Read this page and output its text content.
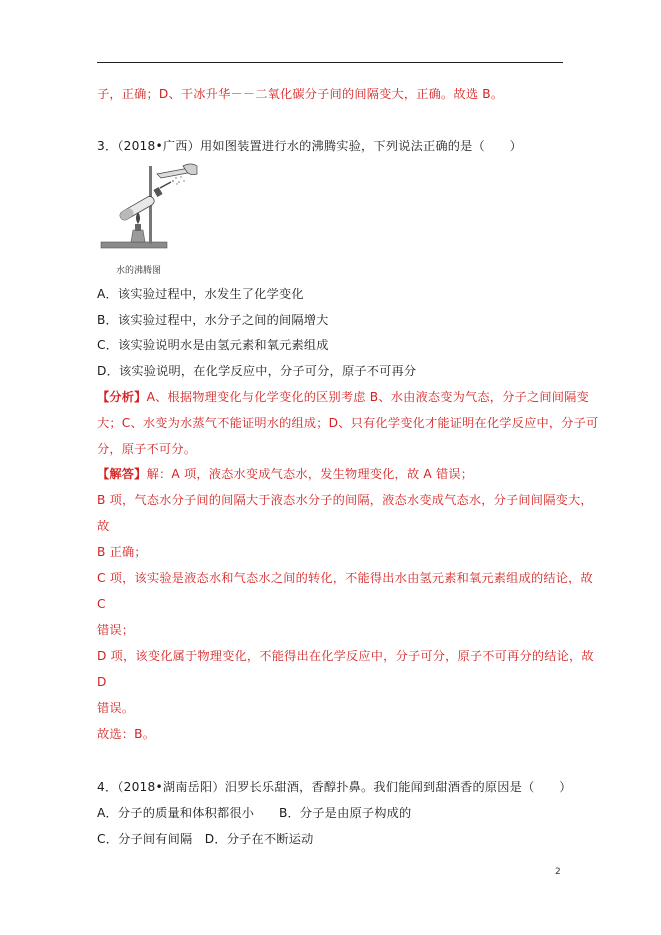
子，正确；D、干冰升华－－二氧化碳分子间的间隔变大，正确。故选 B。
3．（2018•广西）用如图装置进行水的沸腾实验，下列说法正确的是（　　）
水的沸腾图
A．该实验过程中，水发生了化学变化
B．该实验过程中，水分子之间的间隔增大
C．该实验说明水是由氢元素和氧元素组成
D．该实验说明，在化学反应中，分子可分，原子不可再分
【分析】A、根据物理变化与化学变化的区别考虑 B、水由液态变为气态，分子之间间隔变
大；C、水变为水蒸气不能证明水的组成；D、只有化学变化才能证明在化学反应中，分子可
分，原子不可分。
【解答】解：A 项，液态水变成气态水，发生物理变化，故 A 错误；
B 项，气态水分子间的间隔大于液态水分子的间隔，液态水变成气态水，分子间间隔变大，
故
B 正确；
C 项，该实验是液态水和气态水之间的转化，不能得出水由氢元素和氧元素组成的结论，故
C
错误；
D 项，该变化属于物理变化，不能得出在化学反应中，分子可分，原子不可再分的结论，故
D
错误。
故选：B。
4．（2018•湖南岳阳）汨罗长乐甜酒，香醇扑鼻。我们能闻到甜酒香的原因是（　　）
A．分子的质量和体积都很小　　B．分子是由原子构成的
C．分子间有间隔　D．分子在不断运动
2
